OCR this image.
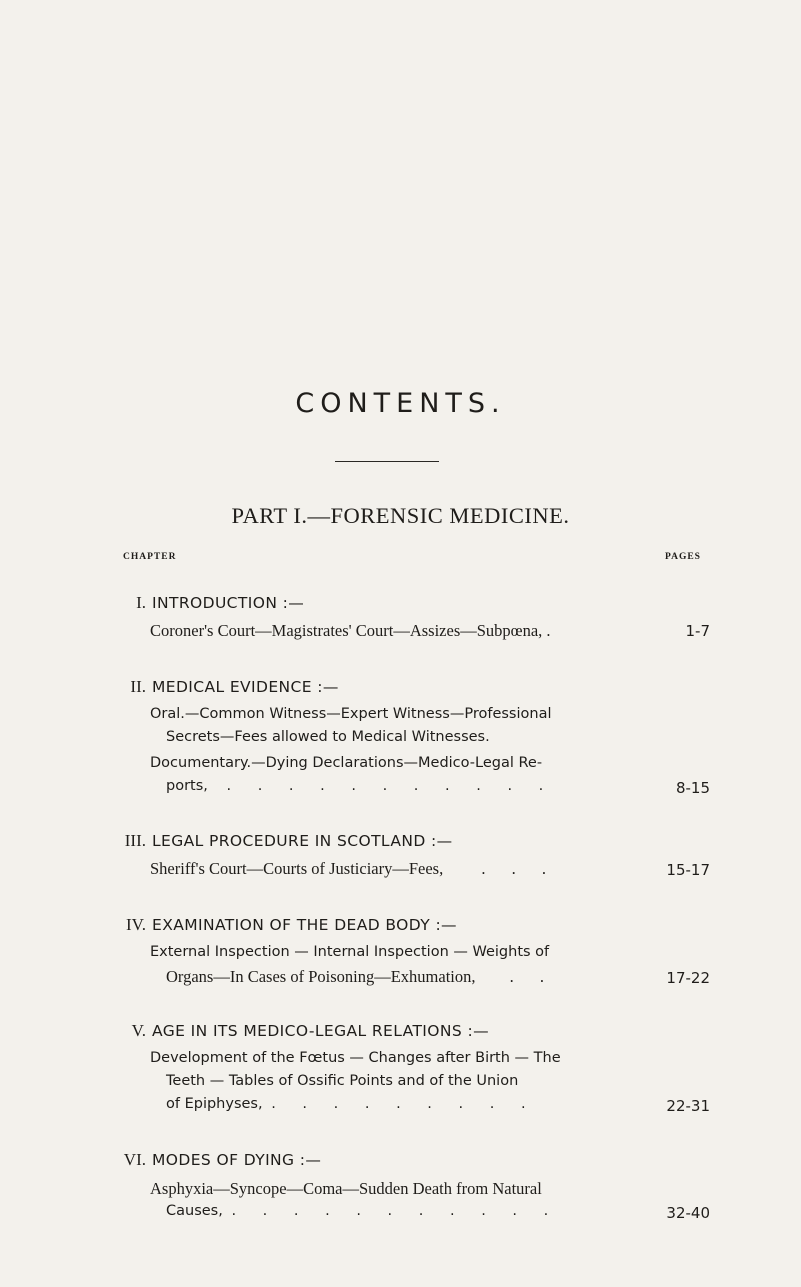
CONTENTS.
PART I.—FORENSIC MEDICINE.
CHAPTER	PAGES
I. INTRODUCTION :—
Coroner's Court—Magistrates' Court—Assizes—Subpœna, .	1-7
II. MEDICAL EVIDENCE :—
Oral.—Common Witness—Expert Witness—Professional
Secrets—Fees allowed to Medical Witnesses.
Documentary.—Dying Declarations—Medico-Legal Re-
ports, . . . . . . . . . . .	8-15
III. LEGAL PROCEDURE IN SCOTLAND :—
Sheriff's Court—Courts of Justiciary—Fees, . . .	15-17
IV. EXAMINATION OF THE DEAD BODY :—
External Inspection — Internal Inspection — Weights of
Organs—In Cases of Poisoning—Exhumation, . .	17-22
V. AGE IN ITS MEDICO-LEGAL RELATIONS :—
Development of the Fœtus — Changes after Birth — The
Teeth — Tables of Ossific Points and of the Union
of Epiphyses, . . . . . . . . .	22-31
VI. MODES OF DYING :—
Asphyxia—Syncope—Coma—Sudden Death from Natural
Causes, . . . . . . . . . . .	32-40
